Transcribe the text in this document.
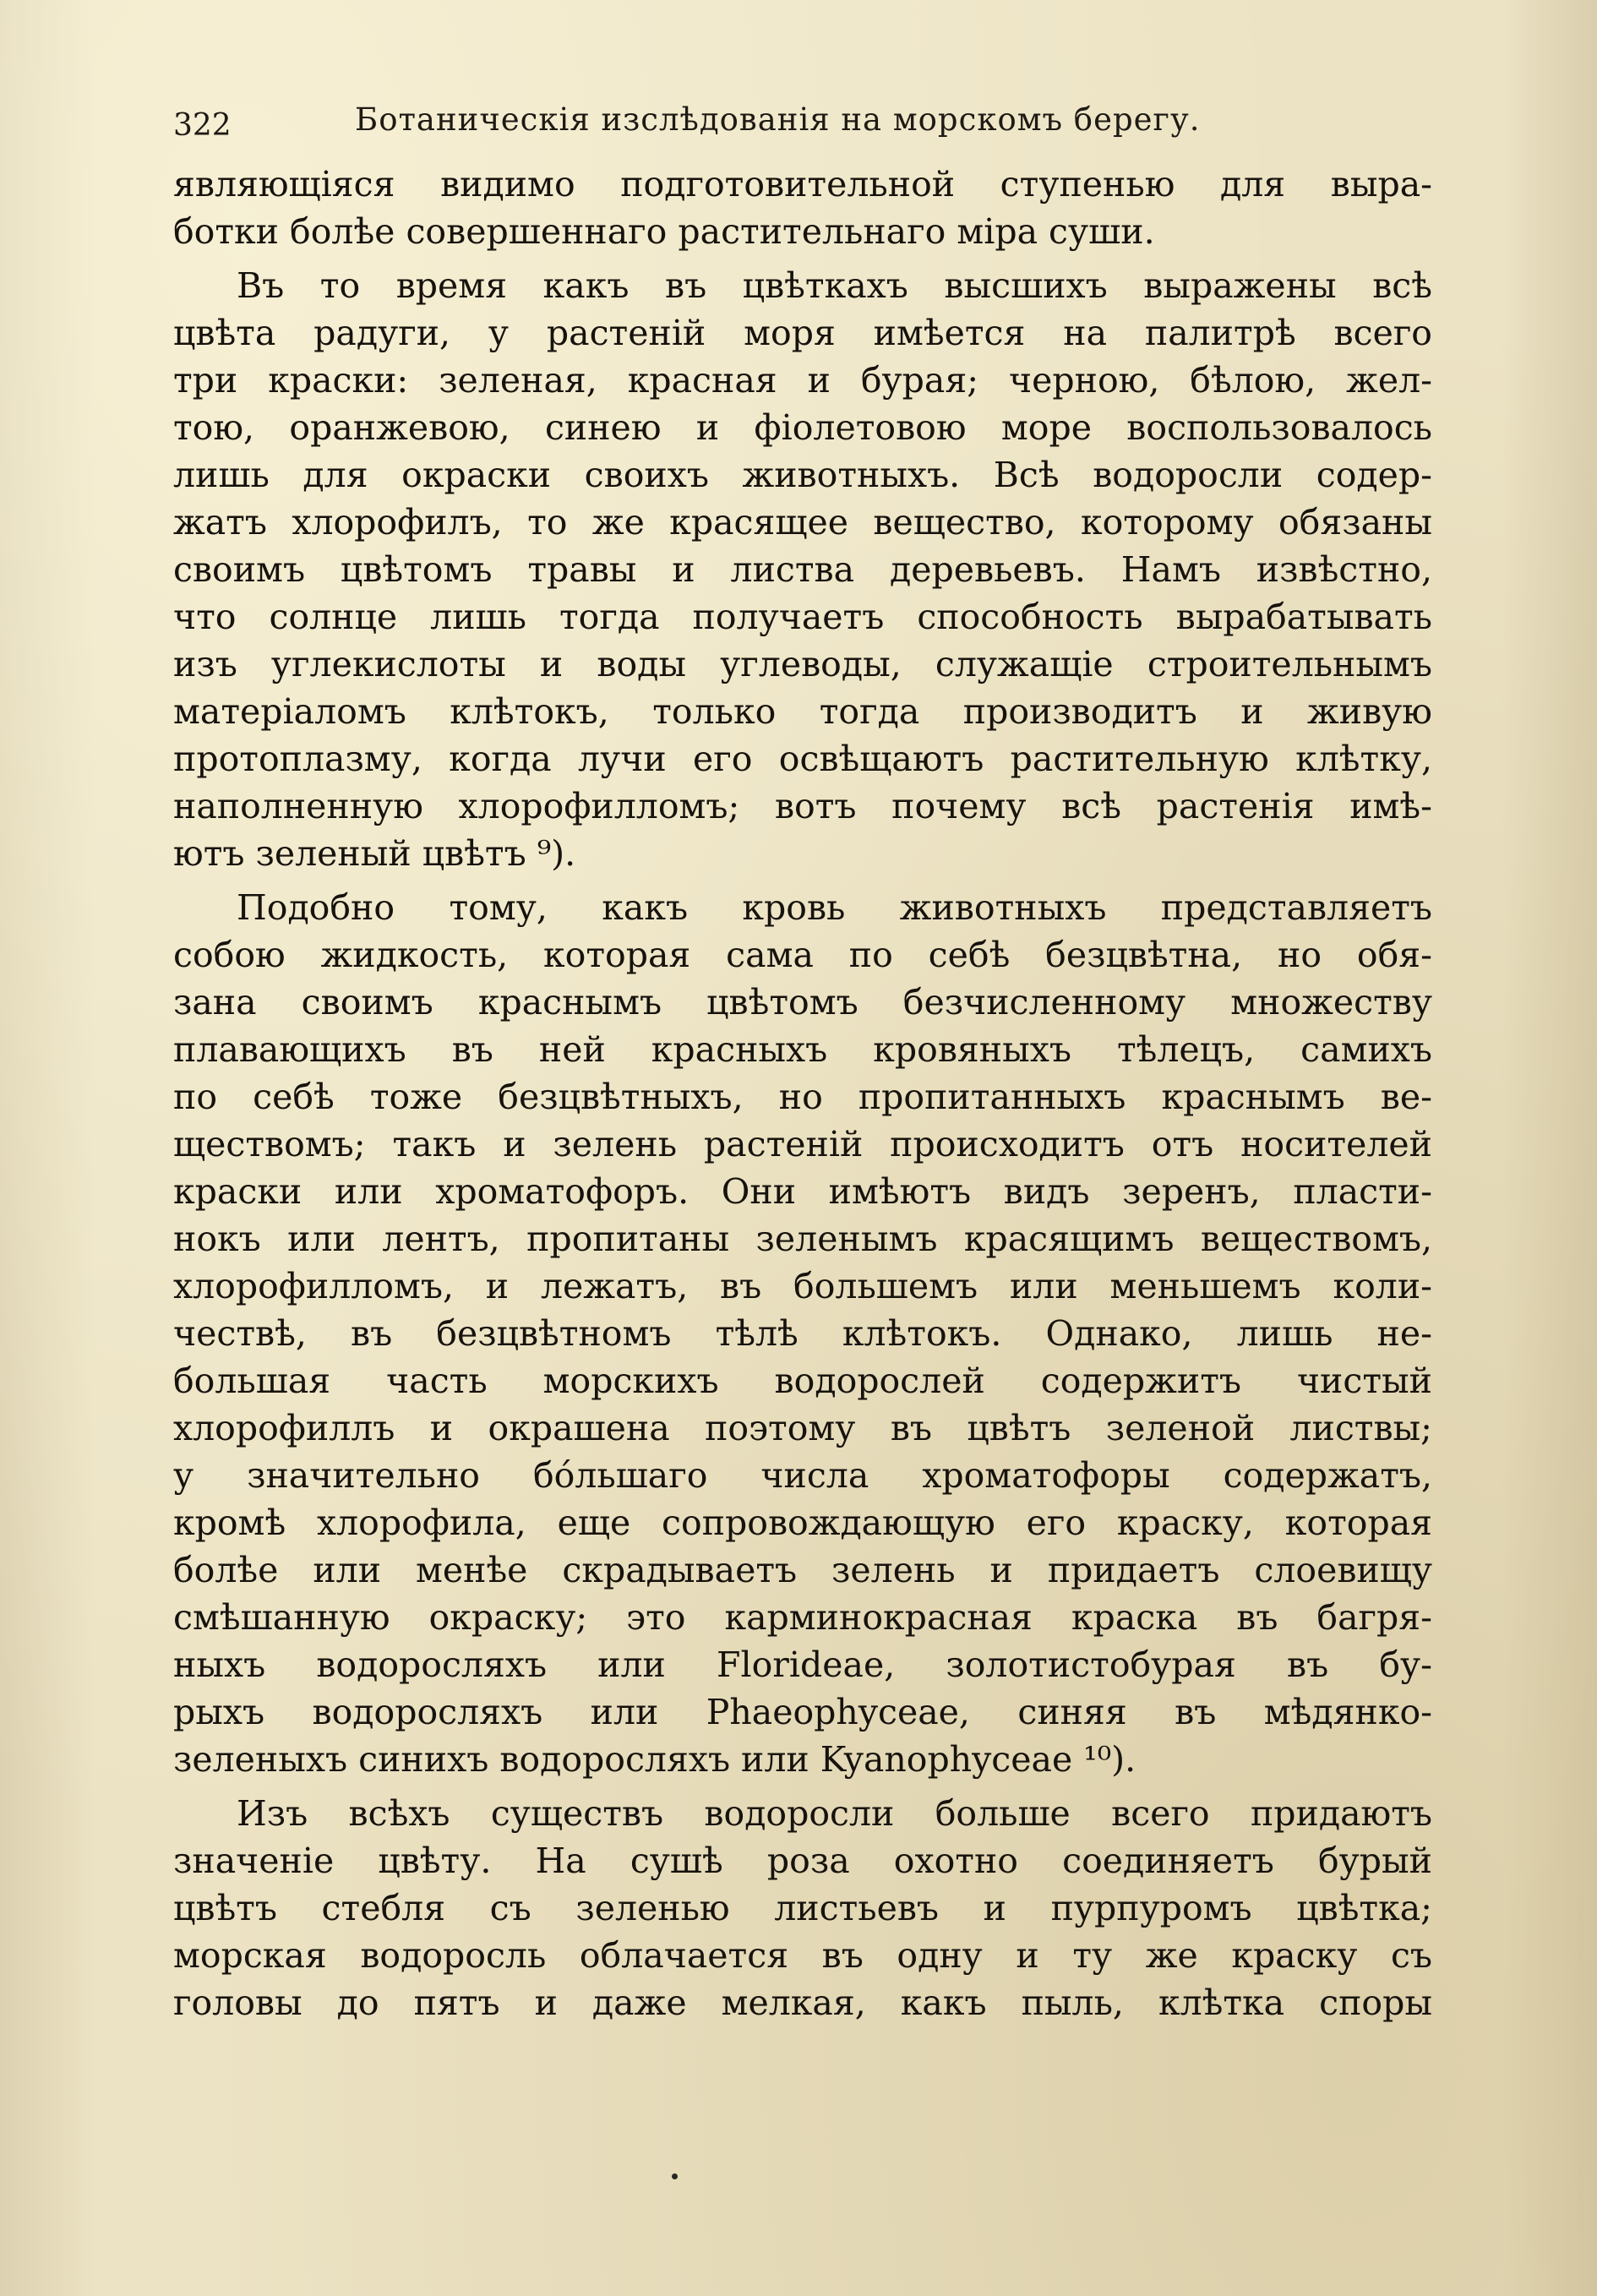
322	Ботаническія изслѣдованія на морскомъ берегу.
являющіяся видимо подготовительной ступенью для выра-
ботки болѣе совершеннаго растительнаго міра суши.
Въ то время какъ въ цвѣткахъ высшихъ выражены всѣ
цвѣта радуги, у растеній моря имѣется на палитрѣ всего
три краски: зеленая, красная и бурая; черною, бѣлою, жел-
тою, оранжевою, синею и фіолетовою море воспользовалось
лишь для окраски своихъ животныхъ. Всѣ водоросли содер-
жатъ хлорофилъ, то же красящее вещество, которому обязаны
своимъ цвѣтомъ травы и листва деревьевъ. Намъ извѣстно,
что солнце лишь тогда получаетъ способность вырабатывать
изъ углекислоты и воды углеводы, служащіе строительнымъ
матеріаломъ клѣтокъ, только тогда производитъ и живую
протоплазму, когда лучи его освѣщаютъ растительную клѣтку,
наполненную хлорофилломъ; вотъ почему всѣ растенія имѣ-
ютъ зеленый цвѣтъ ⁹).
Подобно тому, какъ кровь животныхъ представляетъ
собою жидкость, которая сама по себѣ безцвѣтна, но обя-
зана своимъ краснымъ цвѣтомъ безчисленному множеству
плавающихъ въ ней красныхъ кровяныхъ тѣлецъ, самихъ
по себѣ тоже безцвѣтныхъ, но пропитанныхъ краснымъ ве-
ществомъ; такъ и зелень растеній происходитъ отъ носителей
краски или хроматофоръ. Они имѣютъ видъ зеренъ, пласти-
нокъ или лентъ, пропитаны зеленымъ красящимъ веществомъ,
хлорофилломъ, и лежатъ, въ большемъ или меньшемъ коли-
чествѣ, въ безцвѣтномъ тѣлѣ клѣтокъ. Однако, лишь не-
большая часть морскихъ водорослей содержитъ чистый
хлорофиллъ и окрашена поэтому въ цвѣтъ зеленой листвы;
у значительно бóльшаго числа хроматофоры содержатъ,
кромѣ хлорофила, еще сопровождающую его краску, которая
болѣе или менѣе скрадываетъ зелень и придаетъ слоевищу
смѣшанную окраску; это карминокрасная краска въ багря-
ныхъ водоросляхъ или Florideae, золотистобурая въ бу-
рыхъ водоросляхъ или Phaeophyceae, синяя въ мѣдянко-
зеленыхъ синихъ водоросляхъ или Kyanophyceae ¹⁰).
Изъ всѣхъ существъ водоросли больше всего придаютъ
значеніе цвѣту. На сушѣ роза охотно соединяетъ бурый
цвѣтъ стебля съ зеленью листьевъ и пурпуромъ цвѣтка;
морская водоросль облачается въ одну и ту же краску съ
головы до пятъ и даже мелкая, какъ пыль, клѣтка споры
